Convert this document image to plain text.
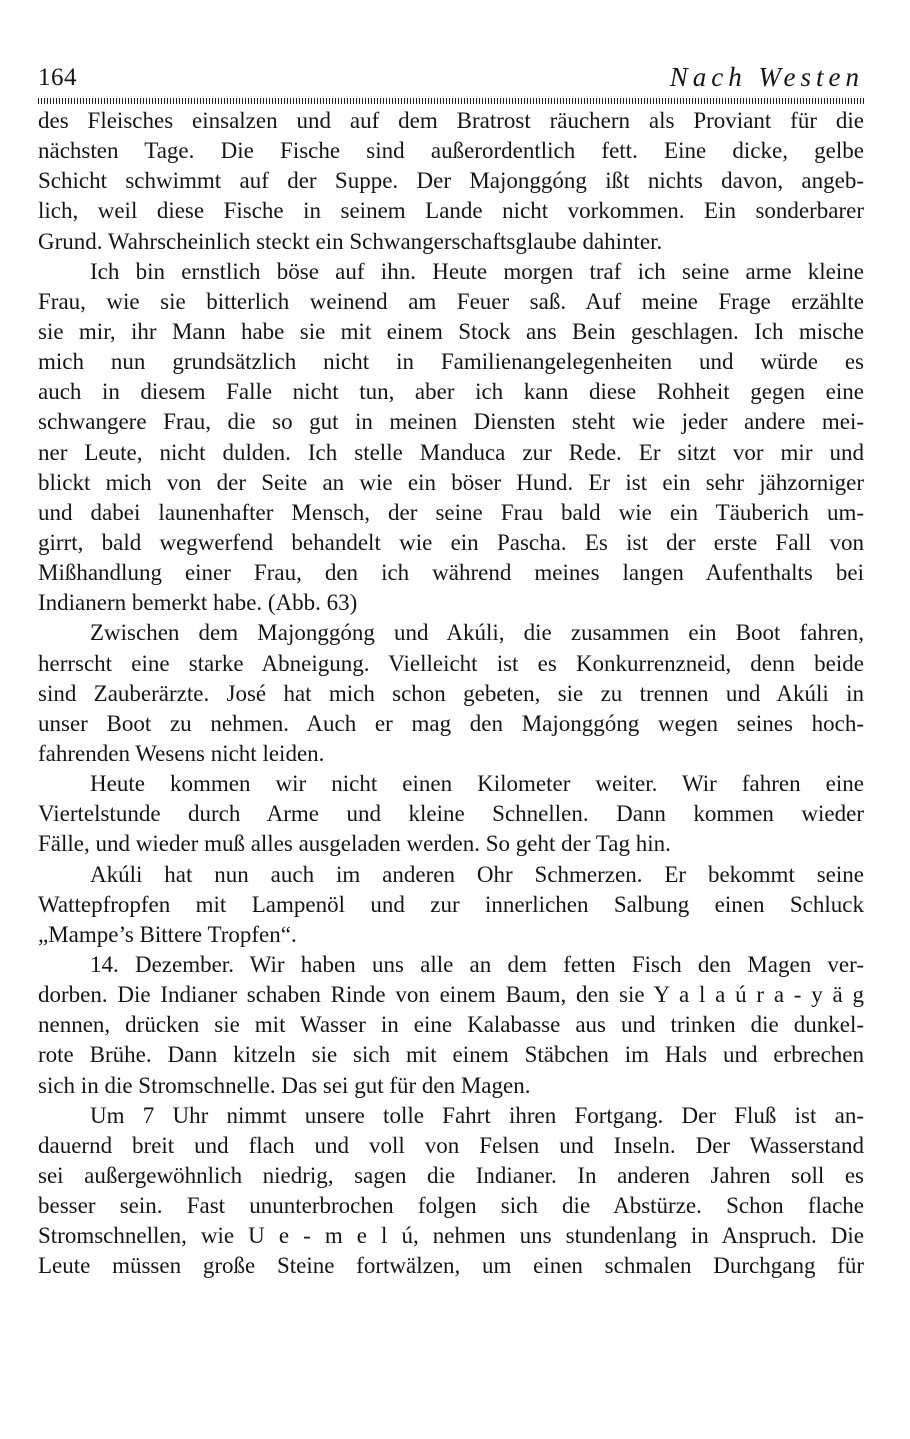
164	Nach Westen
des Fleisches einsalzen und auf dem Bratrost räuchern als Proviant für die
nächsten Tage. Die Fische sind außerordentlich fett. Eine dicke, gelbe
Schicht schwimmt auf der Suppe. Der Majonggóng ißt nichts davon, angeb-
lich, weil diese Fische in seinem Lande nicht vorkommen. Ein sonderbarer
Grund. Wahrscheinlich steckt ein Schwangerschaftsglaube dahinter.
Ich bin ernstlich böse auf ihn. Heute morgen traf ich seine arme kleine
Frau, wie sie bitterlich weinend am Feuer saß. Auf meine Frage erzählte
sie mir, ihr Mann habe sie mit einem Stock ans Bein geschlagen. Ich mische
mich nun grundsätzlich nicht in Familienangelegenheiten und würde es
auch in diesem Falle nicht tun, aber ich kann diese Rohheit gegen eine
schwangere Frau, die so gut in meinen Diensten steht wie jeder andere mei-
ner Leute, nicht dulden. Ich stelle Manduca zur Rede. Er sitzt vor mir und
blickt mich von der Seite an wie ein böser Hund. Er ist ein sehr jähzorniger
und dabei launenhafter Mensch, der seine Frau bald wie ein Täuberich um-
girrt, bald wegwerfend behandelt wie ein Pascha. Es ist der erste Fall von
Mißhandlung einer Frau, den ich während meines langen Aufenthalts bei
Indianern bemerkt habe. (Abb. 63)
Zwischen dem Majonggóng und Akúli, die zusammen ein Boot fahren,
herrscht eine starke Abneigung. Vielleicht ist es Konkurrenzneid, denn beide
sind Zauberärzte. José hat mich schon gebeten, sie zu trennen und Akúli in
unser Boot zu nehmen. Auch er mag den Majonggóng wegen seines hoch-
fahrenden Wesens nicht leiden.
Heute kommen wir nicht einen Kilometer weiter. Wir fahren eine
Viertelstunde durch Arme und kleine Schnellen. Dann kommen wieder
Fälle, und wieder muß alles ausgeladen werden. So geht der Tag hin.
Akúli hat nun auch im anderen Ohr Schmerzen. Er bekommt seine
Wattepfropfen mit Lampenöl und zur innerlichen Salbung einen Schluck
„Mampe’s Bittere Tropfen“.
14. Dezember. Wir haben uns alle an dem fetten Fisch den Magen ver-
dorben. Die Indianer schaben Rinde von einem Baum, den sie Y a l a ú r a - y ä g
nennen, drücken sie mit Wasser in eine Kalabasse aus und trinken die dunkel-
rote Brühe. Dann kitzeln sie sich mit einem Stäbchen im Hals und erbrechen
sich in die Stromschnelle. Das sei gut für den Magen.
Um 7 Uhr nimmt unsere tolle Fahrt ihren Fortgang. Der Fluß ist an-
dauernd breit und flach und voll von Felsen und Inseln. Der Wasserstand
sei außergewöhnlich niedrig, sagen die Indianer. In anderen Jahren soll es
besser sein. Fast ununterbrochen folgen sich die Abstürze. Schon flache
Stromschnellen, wie U e - m e l ú, nehmen uns stundenlang in Anspruch. Die
Leute müssen große Steine fortwälzen, um einen schmalen Durchgang für
